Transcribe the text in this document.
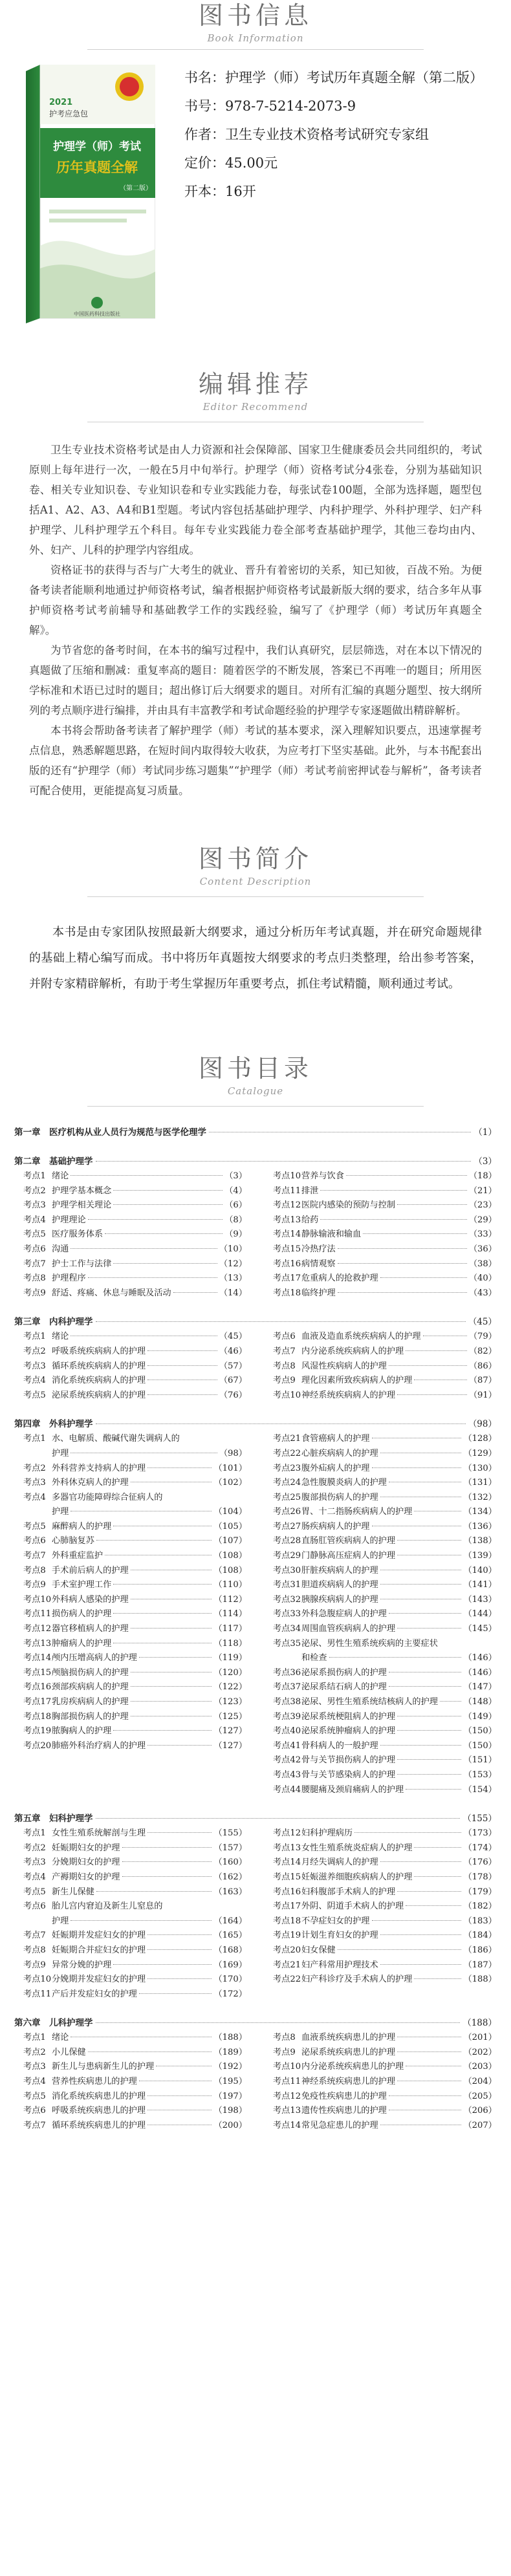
图书信息
Book Information
2021
护考应急包
护理学（师）考试
历年真题全解
（第二版）
中国医药科技出版社
书名： 护理学（师）考试历年真题全解（第二版）
书号： 978-7-5214-2073-9
作者： 卫生专业技术资格考试研究专家组
定价： 45.00元
开本： 16开
编辑推荐
Editor Recommend

卫生专业技术资格考试是由人力资源和社会保障部、国家卫生健康委员会共同组织的，考试原则上每年进行一次，一般在5月中旬举行。护理学（师）资格考试分4张卷，分别为基础知识卷、相关专业知识卷、专业知识卷和专业实践能力卷，每张试卷100题，全部为选择题，题型包括A1、A2、A3、A4和B1型题。考试内容包括基础护理学、内科护理学、外科护理学、妇产科护理学、儿科护理学五个科目。每年专业实践能力卷全部考查基础护理学，其他三卷均由内、外、妇产、儿科的护理学内容组成。

资格证书的获得与否与广大考生的就业、晋升有着密切的关系，知已知彼，百战不殆。为便备考读者能顺利地通过护师资格考试，编者根据护师资格考试最新版大纲的要求，结合多年从事护师资格考试考前辅导和基础教学工作的实践经验，编写了《护理学（师）考试历年真题全解》。

为节省您的备考时间，在本书的编写过程中，我们认真研究，层层筛选，对在本以下情况的真题做了压缩和删减：重复率高的题目：随着医学的不断发展，答案已不再唯一的题目；所用医学标准和术语已过时的题目；超出修订后大纲要求的题目。对所有汇编的真题分题型、按大纲所列的考点顺序进行编排，并由具有丰富教学和考试命题经验的护理学专家逐题做出精辟解析。

本书将会帮助备考读者了解护理学（师）考试的基本要求，深入理解知识要点，迅速掌握考点信息，熟悉解题思路，在短时间内取得较大收获，为应考打下坚实基础。此外，与本书配套出版的还有“护理学（师）考试同步练习题集”“护理学（师）考试考前密押试卷与解析”，备考读者可配合使用，更能提高复习质量。

图书简介
Content Description

本书是由专家团队按照最新大纲要求，通过分析历年考试真题，并在研究命题规律的基础上精心编写而成。书中将历年真题按大纲要求的考点归类整理，给出参考答案，并附专家精辟解析，有助于考生掌握历年重要考点，抓住考试精髓，顺利通过考试。

图书目录
Catalogue
第一章　医疗机构从业人员行为规范与医学伦理学	（1）
第二章　基础护理学	（3）
考点1 绪论	（3）
考点2 护理学基本概念	（4）
考点3 护理学相关理论	（6）
考点4 护理理论	（8）
考点5 医疗服务体系	（9）
考点6 沟通	（10）
考点7 护士工作与法律	（12）
考点8 护理程序	（13）
考点9 舒适、疼痛、休息与睡眠及活动	（14）
考点10 营养与饮食	（18）
考点11 排泄	（21）
考点12 医院内感染的预防与控制	（23）
考点13 给药	（29）
考点14 静脉输液和输血	（33）
考点15 冷热疗法	（36）
考点16 病情观察	（38）
考点17 危重病人的抢救护理	（40）
考点18 临终护理	（43）
第三章　内科护理学	（45）
考点1 绪论	（45）
考点2 呼吸系统疾病病人的护理	（46）
考点3 循环系统疾病病人的护理	（57）
考点4 消化系统疾病病人的护理	（67）
考点5 泌尿系统疾病病人的护理	（76）
考点6 血液及造血系统疾病病人的护理	（79）
考点7 内分泌系统疾病病人的护理	（82）
考点8 风湿性疾病病人的护理	（86）
考点9 理化因素所致疾病病人的护理	（87）
考点10 神经系统疾病病人的护理	（91）
第四章　外科护理学	（98）
考点1 水、电解质、酸碱代谢失调病人的
护理	（98）
考点2 外科营养支持病人的护理	（101）
考点3 外科休克病人的护理	（102）
考点4 多器官功能障碍综合征病人的
护理	（104）
考点5 麻醉病人的护理	（105）
考点6 心肺脑复苏	（107）
考点7 外科重症监护	（108）
考点8 手术前后病人的护理	（108）
考点9 手术室护理工作	（110）
考点10 外科病人感染的护理	（112）
考点11 损伤病人的护理	（114）
考点12 器官移植病人的护理	（117）
考点13 肿瘤病人的护理	（118）
考点14 颅内压增高病人的护理	（119）
考点15 颅脑损伤病人的护理	（120）
考点16 颈部疾病病人的护理	（122）
考点17 乳房疾病病人的护理	（123）
考点18 胸部损伤病人的护理	（125）
考点19 脓胸病人的护理	（127）
考点20 肺癌外科治疗病人的护理	（127）
考点21 食管癌病人的护理	（128）
考点22 心脏疾病病人的护理	（129）
考点23 腹外疝病人的护理	（130）
考点24 急性腹膜炎病人的护理	（131）
考点25 腹部损伤病人的护理	（132）
考点26 胃、十二指肠疾病病人的护理	（134）
考点27 肠疾病病人的护理	（136）
考点28 直肠肛管疾病病人的护理	（138）
考点29 门静脉高压症病人的护理	（139）
考点30 肝脏疾病病人的护理	（140）
考点31 胆道疾病病人的护理	（141）
考点32 胰腺疾病病人的护理	（143）
考点33 外科急腹症病人的护理	（144）
考点34 周围血管疾病病人的护理	（145）
考点35 泌尿、男性生殖系统疾病的主要症状
和检查	（146）
考点36 泌尿系损伤病人的护理	（146）
考点37 泌尿系结石病人的护理	（147）
考点38 泌尿、男性生殖系统结核病人的护理	（148）
考点39 泌尿系统梗阻病人的护理	（149）
考点40 泌尿系统肿瘤病人的护理	（150）
考点41 骨科病人的一般护理	（150）
考点42 骨与关节损伤病人的护理	（151）
考点43 骨与关节感染病人的护理	（153）
考点44 腰腿痛及颈肩痛病人的护理	（154）
第五章　妇科护理学	（155）
考点1 女性生殖系统解剖与生理	（155）
考点2 妊娠期妇女的护理	（157）
考点3 分娩期妇女的护理	（160）
考点4 产褥期妇女的护理	（162）
考点5 新生儿保健	（163）
考点6 胎儿宫内窘迫及新生儿窒息的
护理	（164）
考点7 妊娠期并发症妇女的护理	（165）
考点8 妊娠期合并症妇女的护理	（168）
考点9 异常分娩的护理	（169）
考点10 分娩期并发症妇女的护理	（170）
考点11 产后并发症妇女的护理	（172）
考点12 妇科护理病历	（173）
考点13 女性生殖系统炎症病人的护理	（174）
考点14 月经失调病人的护理	（176）
考点15 妊娠滋养细胞疾病病人的护理	（178）
考点16 妇科腹部手术病人的护理	（179）
考点17 外阴、阴道手术病人的护理	（182）
考点18 不孕症妇女的护理	（183）
考点19 计划生育妇女的护理	（184）
考点20 妇女保健	（186）
考点21 妇产科常用护理技术	（187）
考点22 妇产科诊疗及手术病人的护理	（188）
第六章　儿科护理学	（188）
考点1 绪论	（188）
考点2 小儿保健	（189）
考点3 新生儿与患病新生儿的护理	（192）
考点4 营养性疾病患儿的护理	（195）
考点5 消化系统疾病患儿的护理	（197）
考点6 呼吸系统疾病患儿的护理	（198）
考点7 循环系统疾病患儿的护理	（200）
考点8 血液系统疾病患儿的护理	（201）
考点9 泌尿系统疾病患儿的护理	（202）
考点10 内分泌系统疾病患儿的护理	（203）
考点11 神经系统疾病患儿的护理	（204）
考点12 免疫性疾病患儿的护理	（205）
考点13 遗传性疾病患儿的护理	（206）
考点14 常见急症患儿的护理	（207）
